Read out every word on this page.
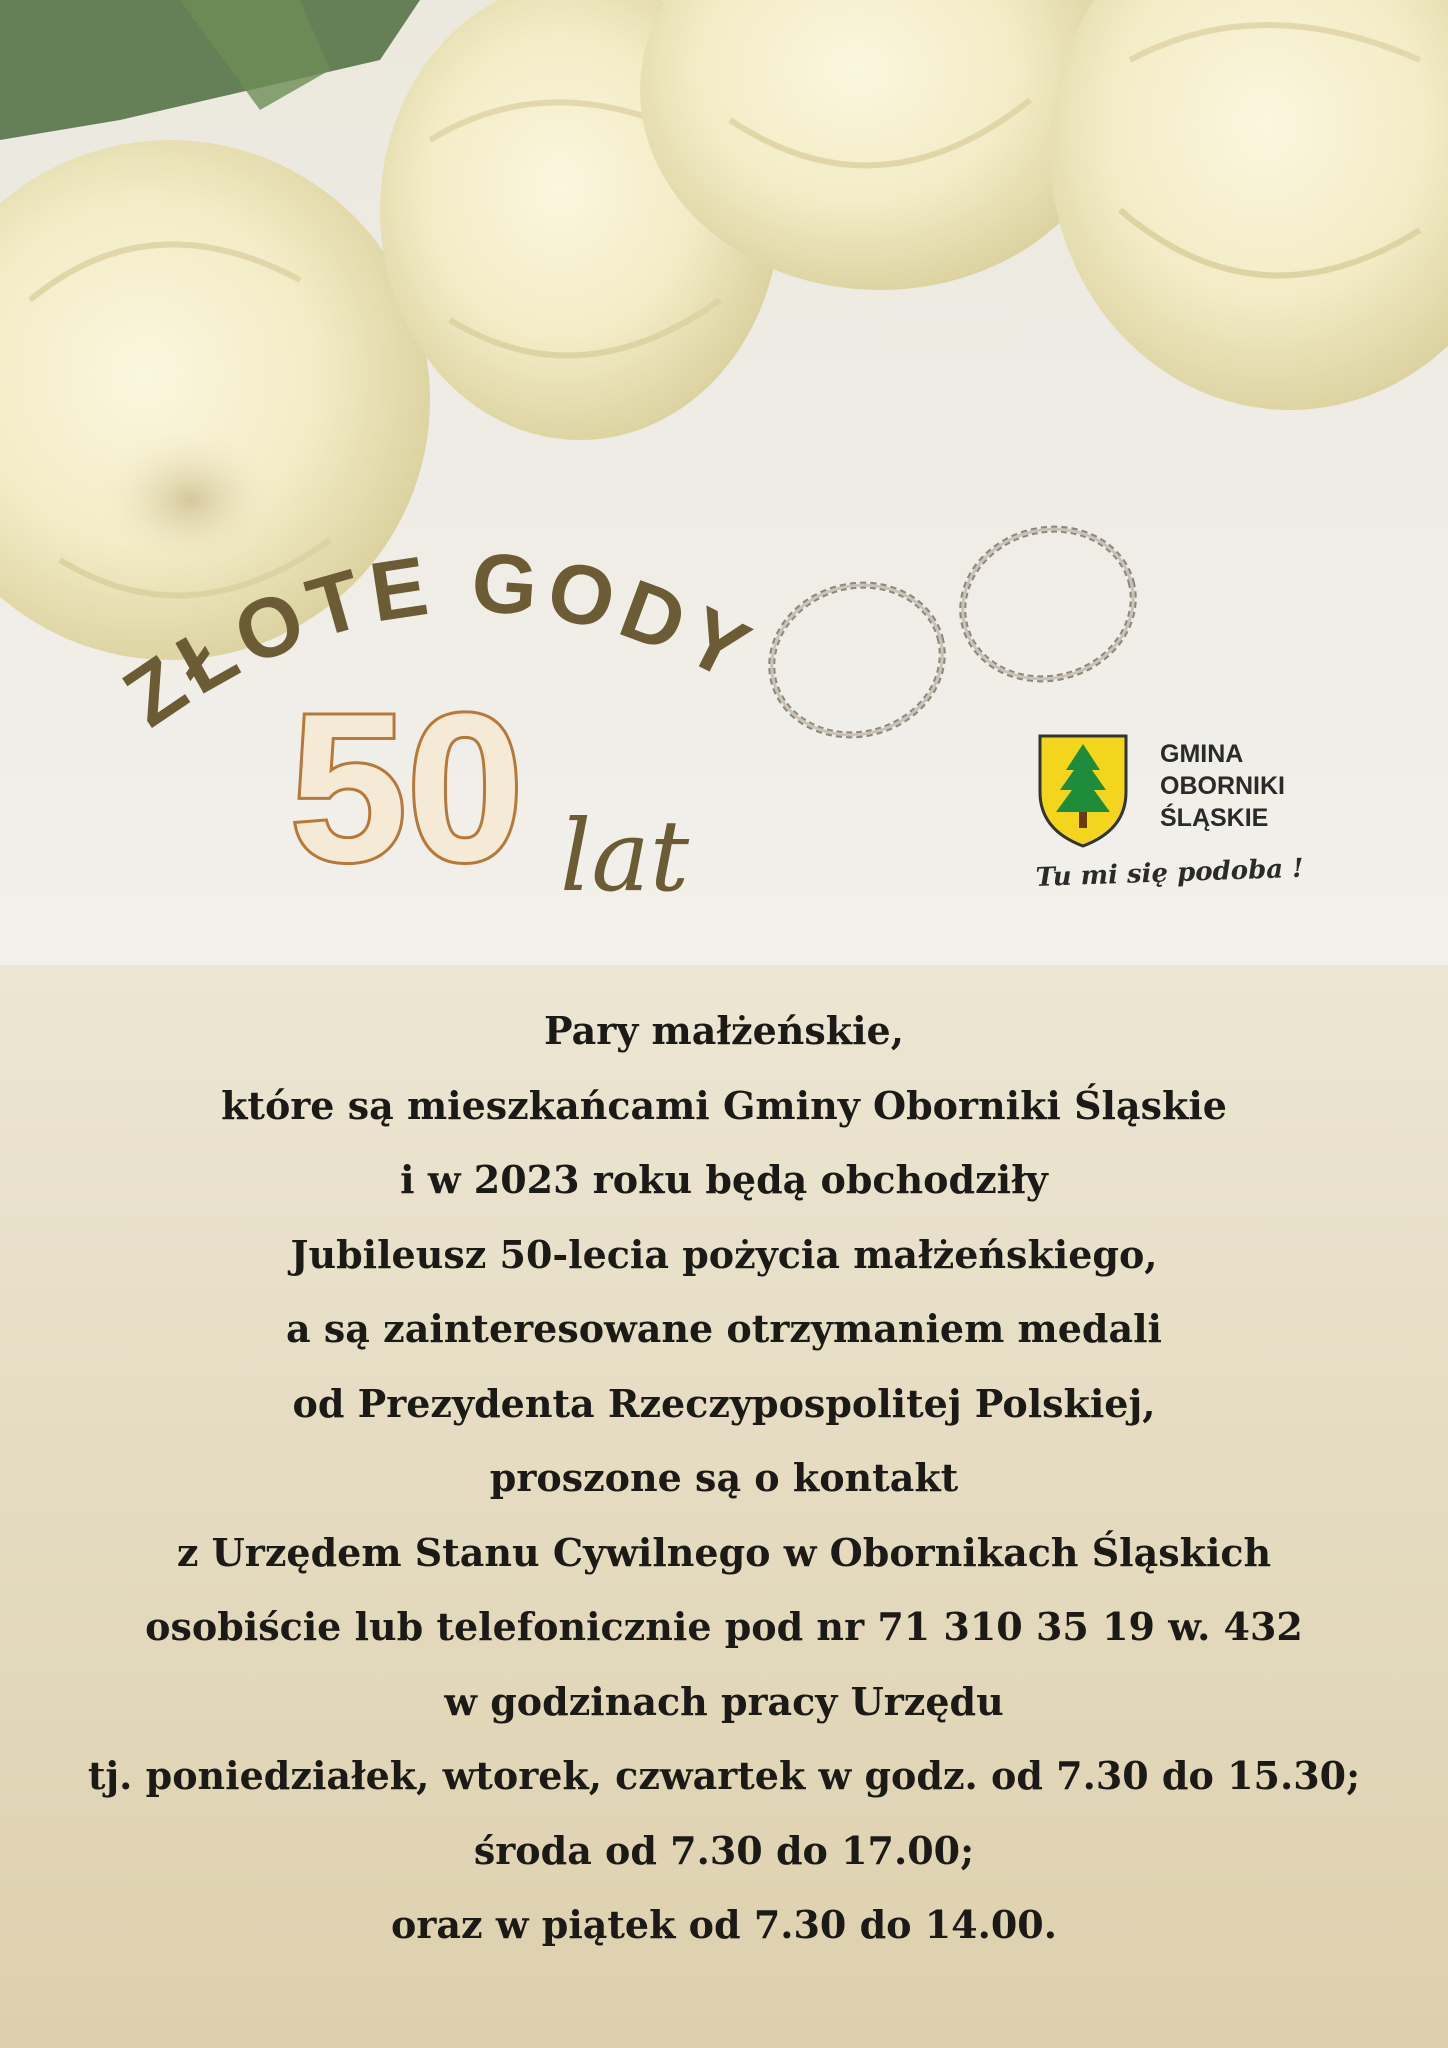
ZŁOTE GODY
50 lat
GMINA
OBORNIKI
ŚLĄSKIE
Tu mi się podoba !

Pary małżeńskie,

które są mieszkańcami Gminy Oborniki Śląskie

i w 2023 roku będą obchodziły

Jubileusz 50-lecia pożycia małżeńskiego,

a są zainteresowane otrzymaniem medali

od Prezydenta Rzeczypospolitej Polskiej,

proszone są o kontakt

z Urzędem Stanu Cywilnego w Obornikach Śląskich

osobiście lub telefonicznie pod nr 71 310 35 19 w. 432

w godzinach pracy Urzędu

tj. poniedziałek, wtorek, czwartek w godz. od 7.30 do 15.30;

środa od 7.30 do 17.00;

oraz w piątek od 7.30 do 14.00.
